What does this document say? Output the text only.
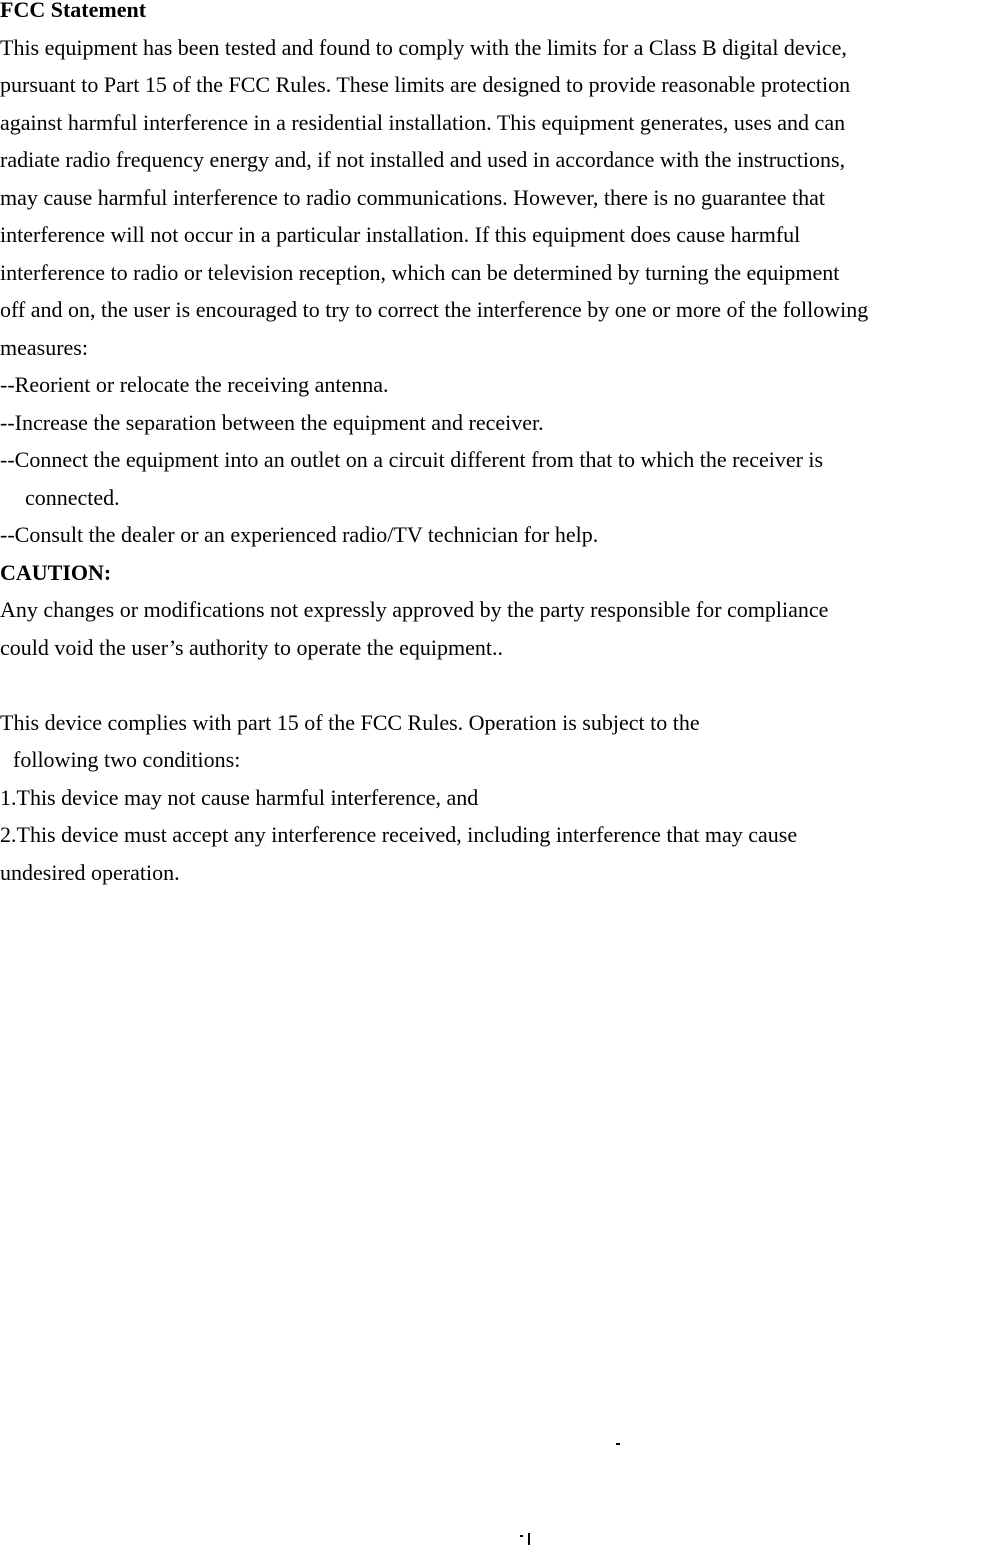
FCC Statement
This equipment has been tested and found to comply with the limits for a Class B digital device,
pursuant to Part 15 of the FCC Rules. These limits are designed to provide reasonable protection
against harmful interference in a residential installation. This equipment generates, uses and can
radiate radio frequency energy and, if not installed and used in accordance with the instructions,
may cause harmful interference to radio communications. However, there is no guarantee that
interference will not occur in a particular installation. If this equipment does cause harmful
interference to radio or television reception, which can be determined by turning the equipment
off and on, the user is encouraged to try to correct the interference by one or more of the following
measures:
--Reorient or relocate the receiving antenna.
--Increase the separation between the equipment and receiver.
--Connect the equipment into an outlet on a circuit different from that to which the receiver is
connected.
--Consult the dealer or an experienced radio/TV technician for help.
CAUTION:
Any changes or modifications not expressly approved by the party responsible for compliance
could void the user’s authority to operate the equipment..
This device complies with part 15 of the FCC Rules. Operation is subject to the
following two conditions:
1.This device may not cause harmful interference, and
2.This device must accept any interference received, including interference that may cause
undesired operation.
